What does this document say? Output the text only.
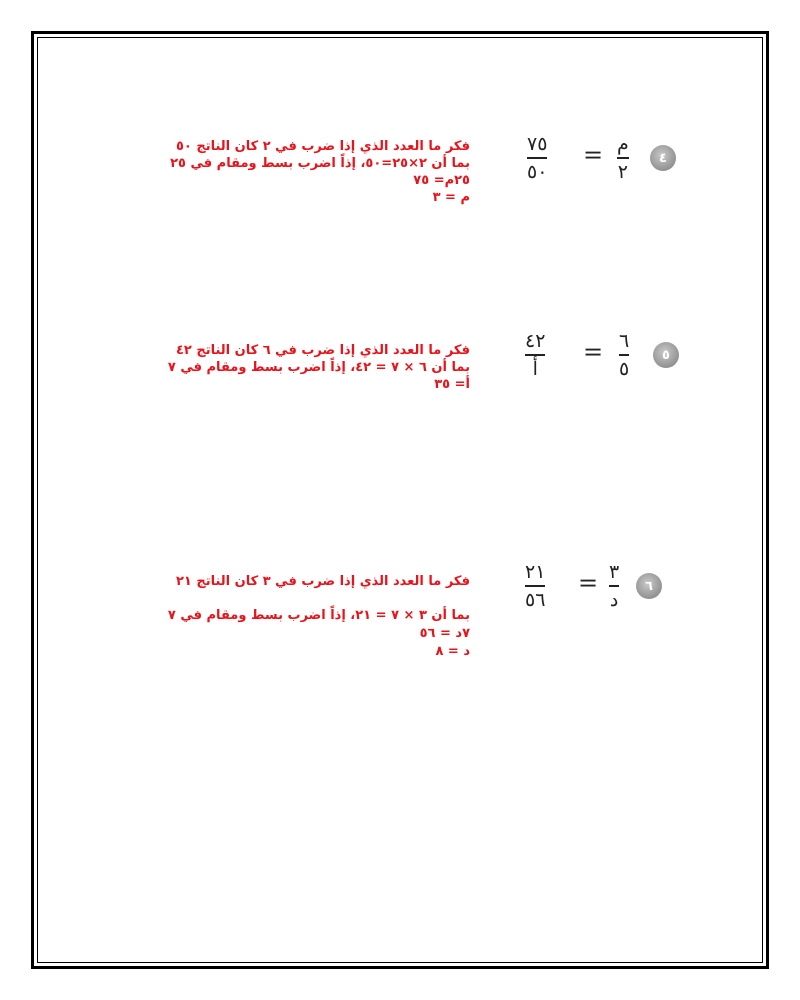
٧٥
٥٠
= م
٢
٤
فكر ما العدد الذي إذا ضرب في ٢ كان الناتج ٥٠
بما أن ٢×٢٥=٥٠، إذاً اضرب بسط ومقام في ٢٥
٢٥م= ٧٥
م = ٣
٤٢
أ
= ٦
٥
٥
فكر ما العدد الذي إذا ضرب في ٦ كان الناتج ٤٢
بما أن ٦ × ٧ = ٤٢، إذاً اضرب بسط ومقام في ٧
أ= ٣٥
٢١
٥٦
= ٣
د
٦
فكر ما العدد الذي إذا ضرب في ٣ كان الناتج ٢١
بما أن ٣ × ٧ = ٢١، إذاً اضرب بسط ومقام في ٧
٧د = ٥٦
د = ٨
